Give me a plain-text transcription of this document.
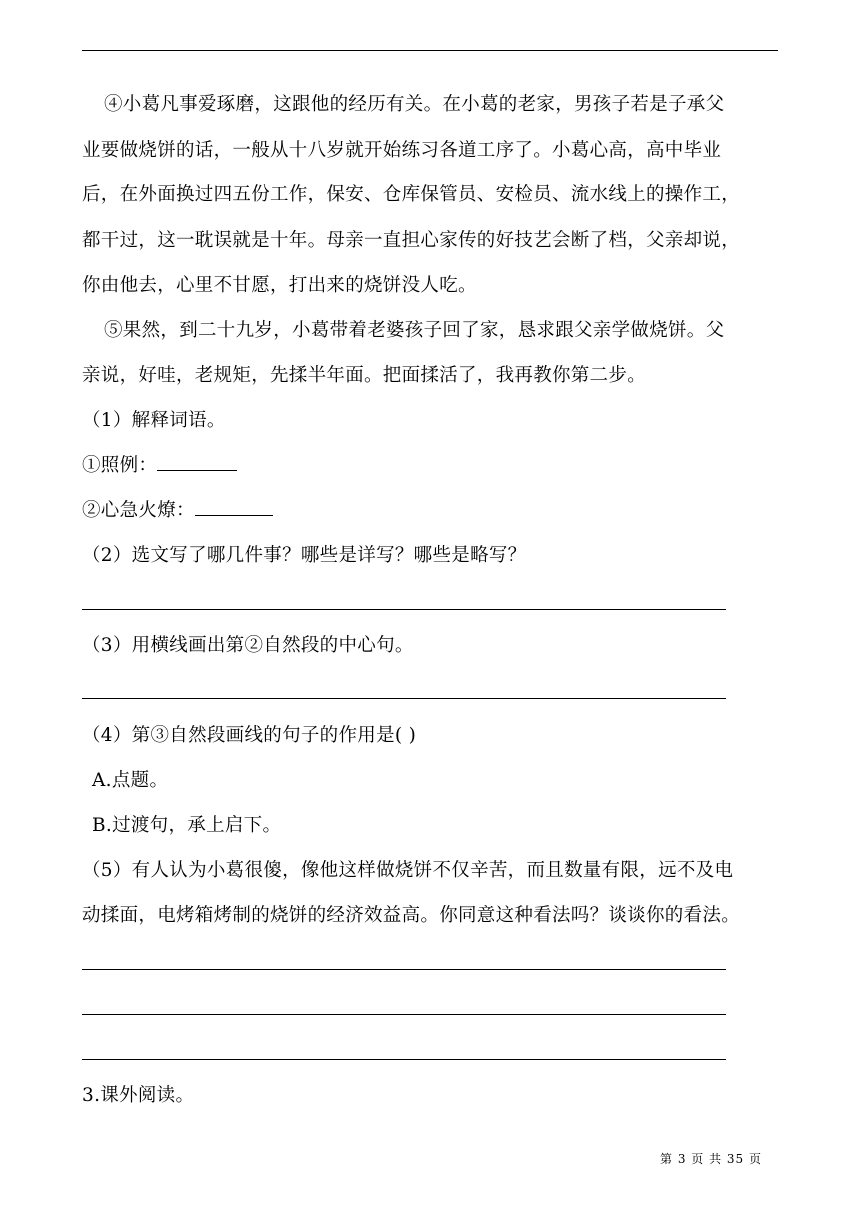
④小葛凡事爱琢磨，这跟他的经历有关。在小葛的老家，男孩子若是子承父
业要做烧饼的话，一般从十八岁就开始练习各道工序了。小葛心高，高中毕业
后，在外面换过四五份工作，保安、仓库保管员、安检员、流水线上的操作工，
都干过，这一耽误就是十年。母亲一直担心家传的好技艺会断了档，父亲却说，
你由他去，心里不甘愿，打出来的烧饼没人吃。
⑤果然，到二十九岁，小葛带着老婆孩子回了家，恳求跟父亲学做烧饼。父
亲说，好哇，老规矩，先揉半年面。把面揉活了，我再教你第二步。
（1）解释词语。
①照例：
②心急火燎：
（2）选文写了哪几件事？哪些是详写？哪些是略写？
（3）用横线画出第②自然段的中心句。
（4）第③自然段画线的句子的作用是( )
A.点题。
B.过渡句，承上启下。
（5）有人认为小葛很傻，像他这样做烧饼不仅辛苦，而且数量有限，远不及电
动揉面，电烤箱烤制的烧饼的经济效益高。你同意这种看法吗？谈谈你的看法。
3.课外阅读。
第 3 页 共 35 页
